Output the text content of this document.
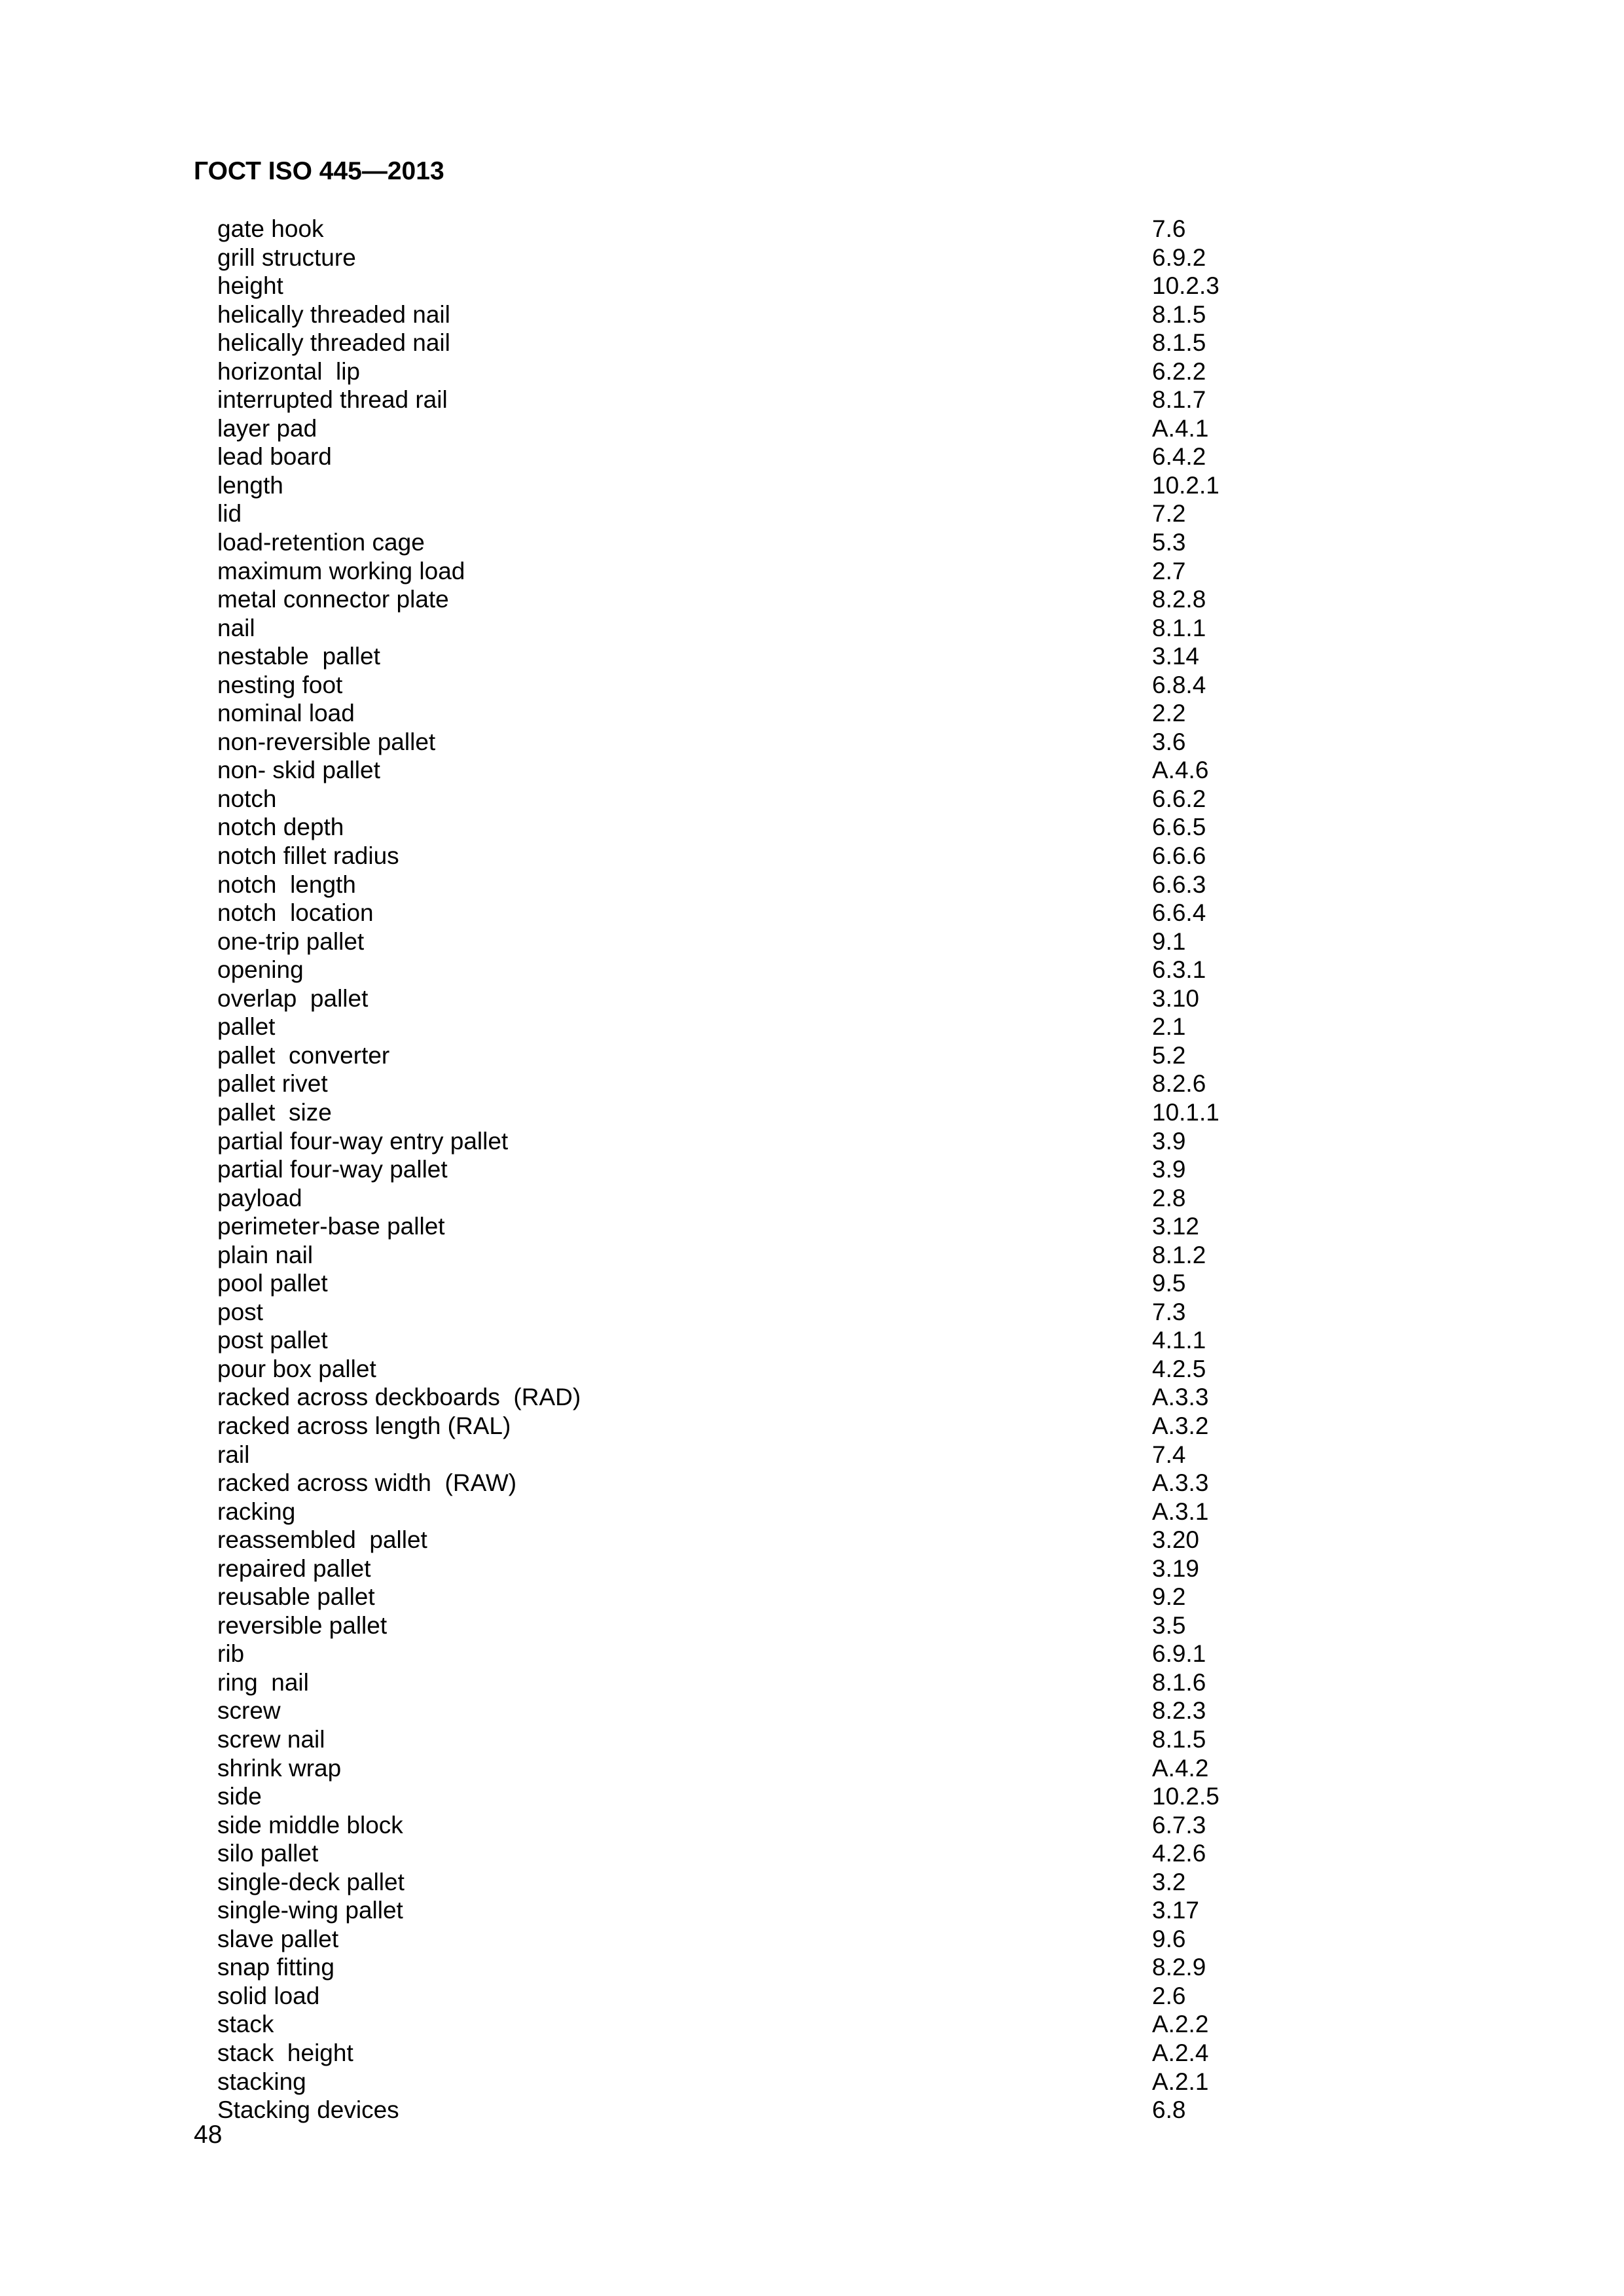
ГОСТ ISO 445—2013
gate hook	7.6
grill structure	6.9.2
height	10.2.3
helically threaded nail	8.1.5
helically threaded nail	8.1.5
horizontal  lip	6.2.2
interrupted thread rail	8.1.7
layer pad	A.4.1
lead board	6.4.2
length	10.2.1
lid	7.2
load-retention cage	5.3
maximum working load	2.7
metal connector plate	8.2.8
nail	8.1.1
nestable  pallet	3.14
nesting foot	6.8.4
nominal load	2.2
non-reversible pallet	3.6
non- skid pallet	A.4.6
notch	6.6.2
notch depth	6.6.5
notch fillet radius	6.6.6
notch  length	6.6.3
notch  location	6.6.4
one-trip pallet	9.1
opening	6.3.1
overlap  pallet	3.10
pallet	2.1
pallet  converter	5.2
pallet rivet	8.2.6
pallet  size	10.1.1
partial four-way entry pallet	3.9
partial four-way pallet	3.9
payload	2.8
perimeter-base pallet	3.12
plain nail	8.1.2
pool pallet	9.5
post	7.3
post pallet	4.1.1
pour box pallet	4.2.5
racked across deckboards  (RAD)	A.3.3
racked across length (RAL)	A.3.2
rail	7.4
racked across width  (RAW)	A.3.3
racking	A.3.1
reassembled  pallet	3.20
repaired pallet	3.19
reusable pallet	9.2
reversible pallet	3.5
rib	6.9.1
ring  nail	8.1.6
screw	8.2.3
screw nail	8.1.5
shrink wrap	A.4.2
side	10.2.5
side middle block	6.7.3
silo pallet	4.2.6
single-deck pallet	3.2
single-wing pallet	3.17
slave pallet	9.6
snap fitting	8.2.9
solid load	2.6
stack	A.2.2
stack  height	A.2.4
stacking	A.2.1
Stacking devices	6.8
48
